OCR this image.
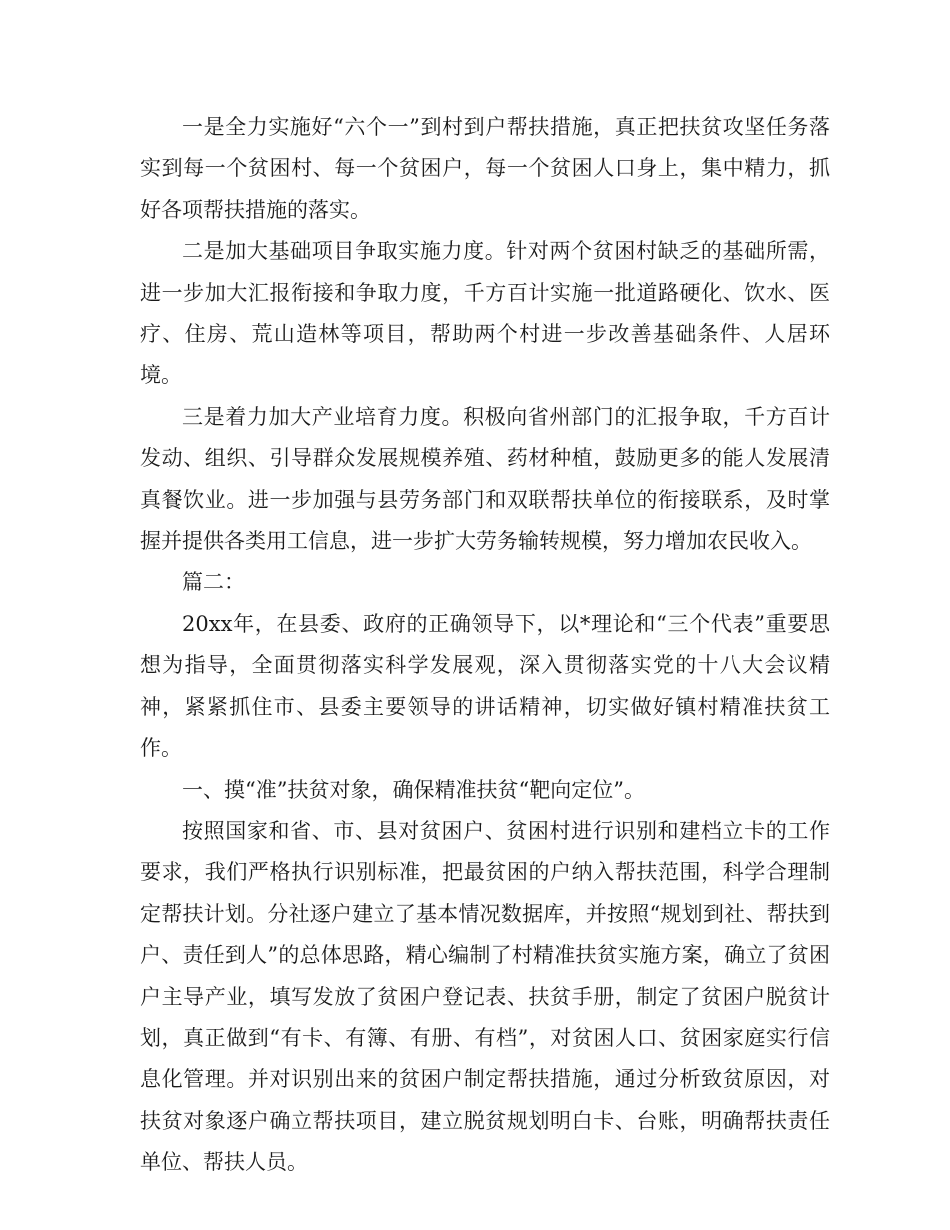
一是全力实施好“六个一”到村到户帮扶措施，真正把扶贫攻坚任务落实到每一个贫困村、每一个贫困户，每一个贫困人口身上，集中精力，抓好各项帮扶措施的落实。

二是加大基础项目争取实施力度。针对两个贫困村缺乏的基础所需，进一步加大汇报衔接和争取力度，千方百计实施一批道路硬化、饮水、医疗、住房、荒山造林等项目，帮助两个村进一步改善基础条件、人居环境。

三是着力加大产业培育力度。积极向省州部门的汇报争取，千方百计发动、组织、引导群众发展规模养殖、药材种植，鼓励更多的能人发展清真餐饮业。进一步加强与县劳务部门和双联帮扶单位的衔接联系，及时掌握并提供各类用工信息，进一步扩大劳务输转规模，努力增加农民收入。

篇二：

20xx年，在县委、政府的正确领导下，以*理论和“三个代表”重要思想为指导，全面贯彻落实科学发展观，深入贯彻落实党的十八大会议精神，紧紧抓住市、县委主要领导的讲话精神，切实做好镇村精准扶贫工作。

一、摸“准”扶贫对象，确保精准扶贫“靶向定位”。

按照国家和省、市、县对贫困户、贫困村进行识别和建档立卡的工作要求，我们严格执行识别标准，把最贫困的户纳入帮扶范围，科学合理制定帮扶计划。分社逐户建立了基本情况数据库，并按照“规划到社、帮扶到户、责任到人”的总体思路，精心编制了村精准扶贫实施方案，确立了贫困户主导产业，填写发放了贫困户登记表、扶贫手册，制定了贫困户脱贫计划，真正做到“有卡、有簿、有册、有档”，对贫困人口、贫困家庭实行信息化管理。并对识别出来的贫困户制定帮扶措施，通过分析致贫原因，对扶贫对象逐户确立帮扶项目，建立脱贫规划明白卡、台账，明确帮扶责任单位、帮扶人员。
